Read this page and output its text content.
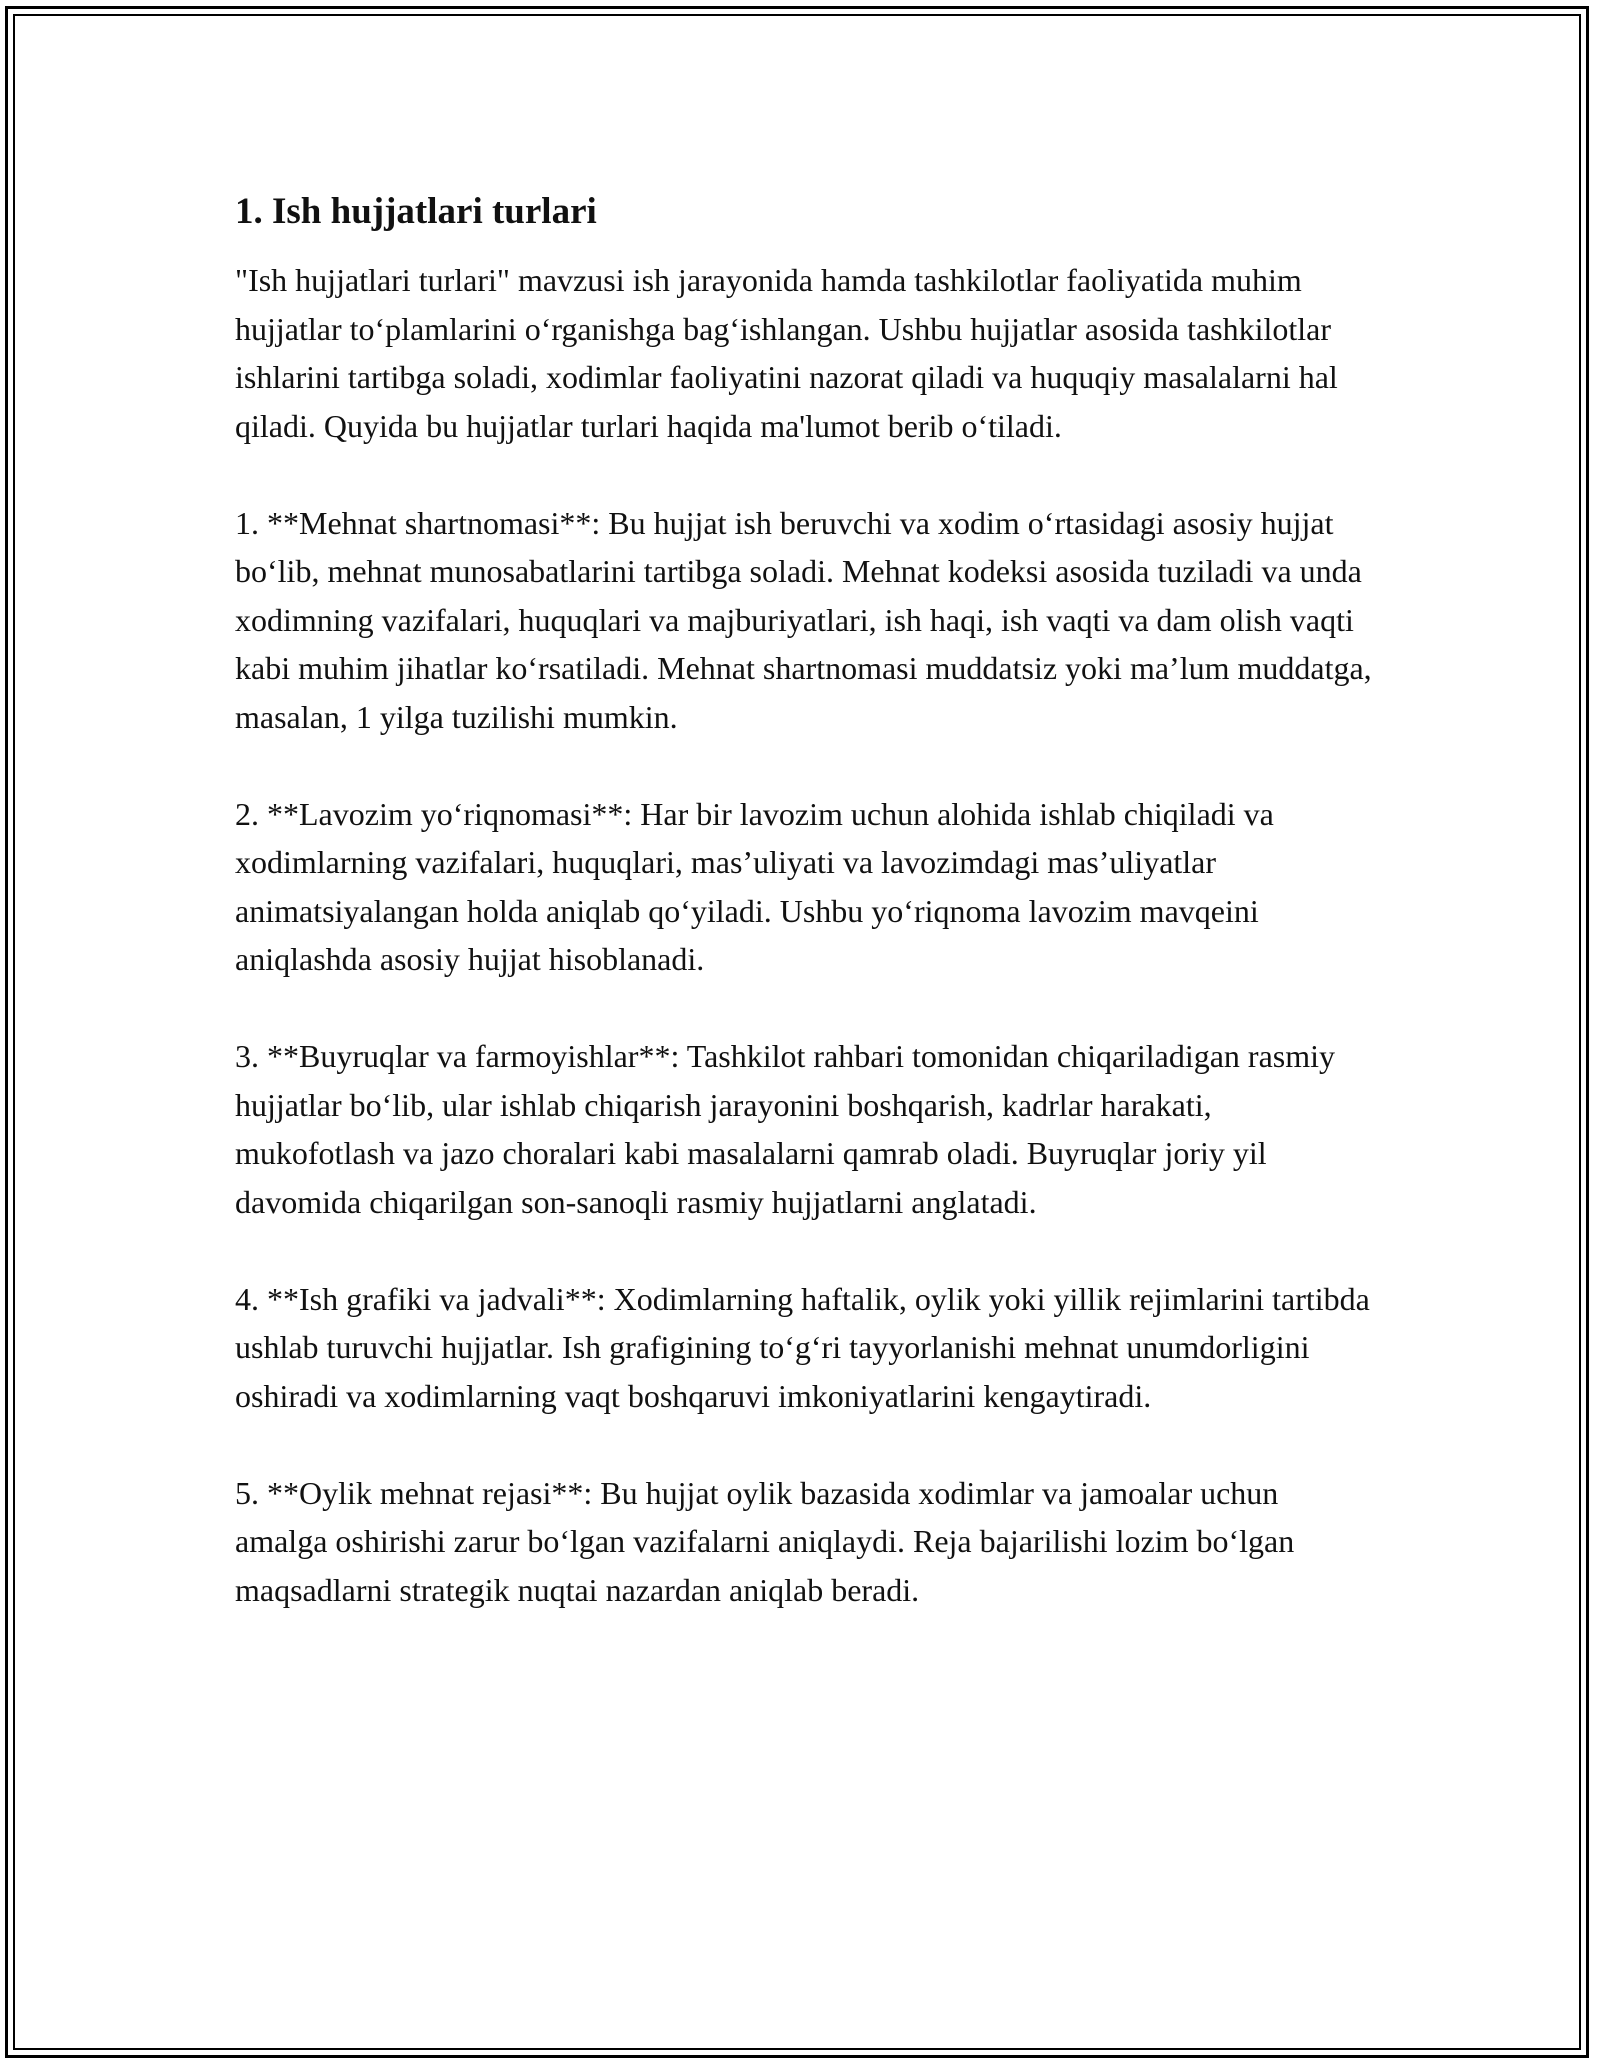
1. Ish hujjatlari turlari

"Ish hujjatlari turlari" mavzusi ish jarayonida hamda tashkilotlar faoliyatida muhim hujjatlar to‘plamlarini o‘rganishga bag‘ishlangan. Ushbu hujjatlar asosida tashkilotlar ishlarini tartibga soladi, xodimlar faoliyatini nazorat qiladi va huquqiy masalalarni hal qiladi. Quyida bu hujjatlar turlari haqida ma'lumot berib o‘tiladi.

1. **Mehnat shartnomasi**: Bu hujjat ish beruvchi va xodim o‘rtasidagi asosiy hujjat bo‘lib, mehnat munosabatlarini tartibga soladi. Mehnat kodeksi asosida tuziladi va unda xodimning vazifalari, huquqlari va majburiyatlari, ish haqi, ish vaqti va dam olish vaqti kabi muhim jihatlar ko‘rsatiladi. Mehnat shartnomasi muddatsiz yoki ma’lum muddatga, masalan, 1 yilga tuzilishi mumkin.

2. **Lavozim yo‘riqnomasi**: Har bir lavozim uchun alohida ishlab chiqiladi va xodimlarning vazifalari, huquqlari, mas’uliyati va lavozimdagi mas’uliyatlar animatsiyalangan holda aniqlab qo‘yiladi. Ushbu yo‘riqnoma lavozim mavqeini aniqlashda asosiy hujjat hisoblanadi.

3. **Buyruqlar va farmoyishlar**: Tashkilot rahbari tomonidan chiqariladigan rasmiy hujjatlar bo‘lib, ular ishlab chiqarish jarayonini boshqarish, kadrlar harakati, mukofotlash va jazo choralari kabi masalalarni qamrab oladi. Buyruqlar joriy yil davomida chiqarilgan son-sanoqli rasmiy hujjatlarni anglatadi.

4. **Ish grafiki va jadvali**: Xodimlarning haftalik, oylik yoki yillik rejimlarini tartibda ushlab turuvchi hujjatlar. Ish grafigining to‘g‘ri tayyorlanishi mehnat unumdorligini oshiradi va xodimlarning vaqt boshqaruvi imkoniyatlarini kengaytiradi.

5. **Oylik mehnat rejasi**: Bu hujjat oylik bazasida xodimlar va jamoalar uchun amalga oshirishi zarur bo‘lgan vazifalarni aniqlaydi. Reja bajarilishi lozim bo‘lgan maqsadlarni strategik nuqtai nazardan aniqlab beradi.
